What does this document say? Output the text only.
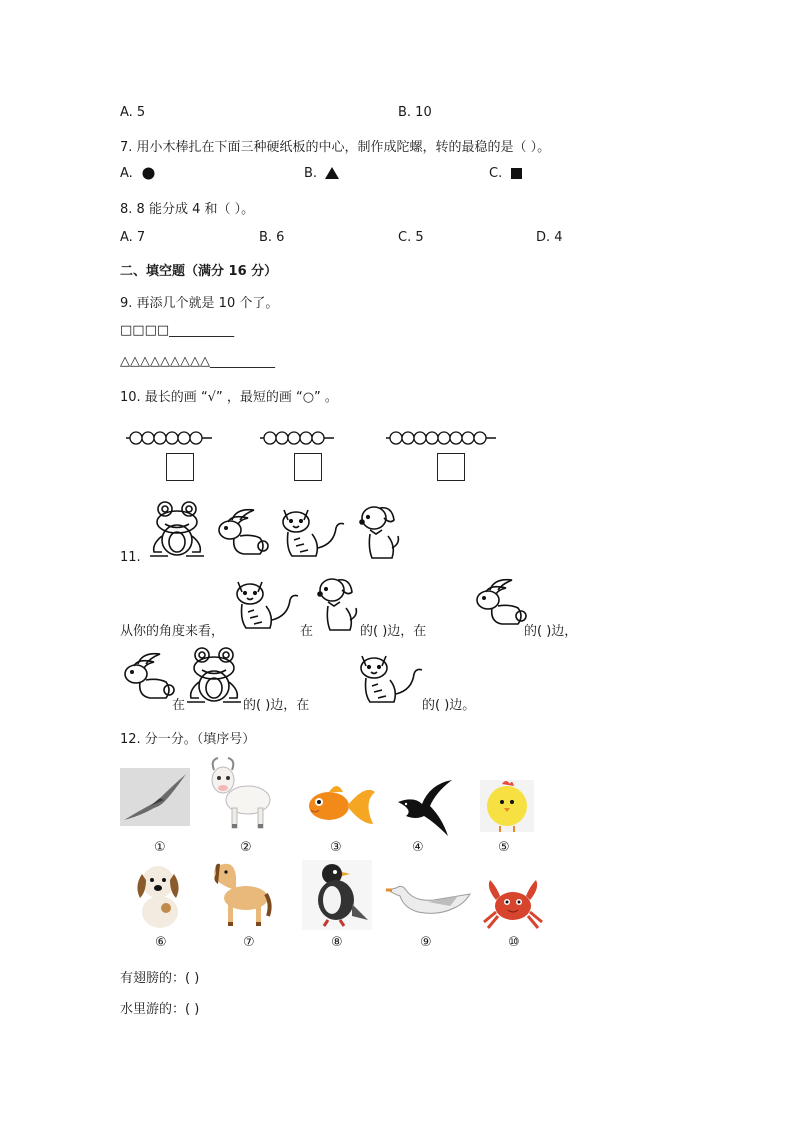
A. 5	B. 10
7. 用小木棒扎在下面三种硬纸板的中心，制作成陀螺，转的最稳的是（ ）。
A.	B.	C.
8. 8 能分成 4 和（ ）。
A. 7	B. 6	C. 5	D. 4
二、填空题（满分 16 分）
9. 再添几个就是 10 个了。
□□□□__________
△△△△△△△△△__________
10. 最长的画 “√” ，最短的画 “○” 。
11.
从你的角度来看，	在	的( )边，在	的( )边，
在	的( )边，在	的( )边。
12. 分一分。（填序号）
①	②	③	④	⑤
⑥	⑦	⑧	⑨	⑩
有翅膀的：( )
水里游的：( )
